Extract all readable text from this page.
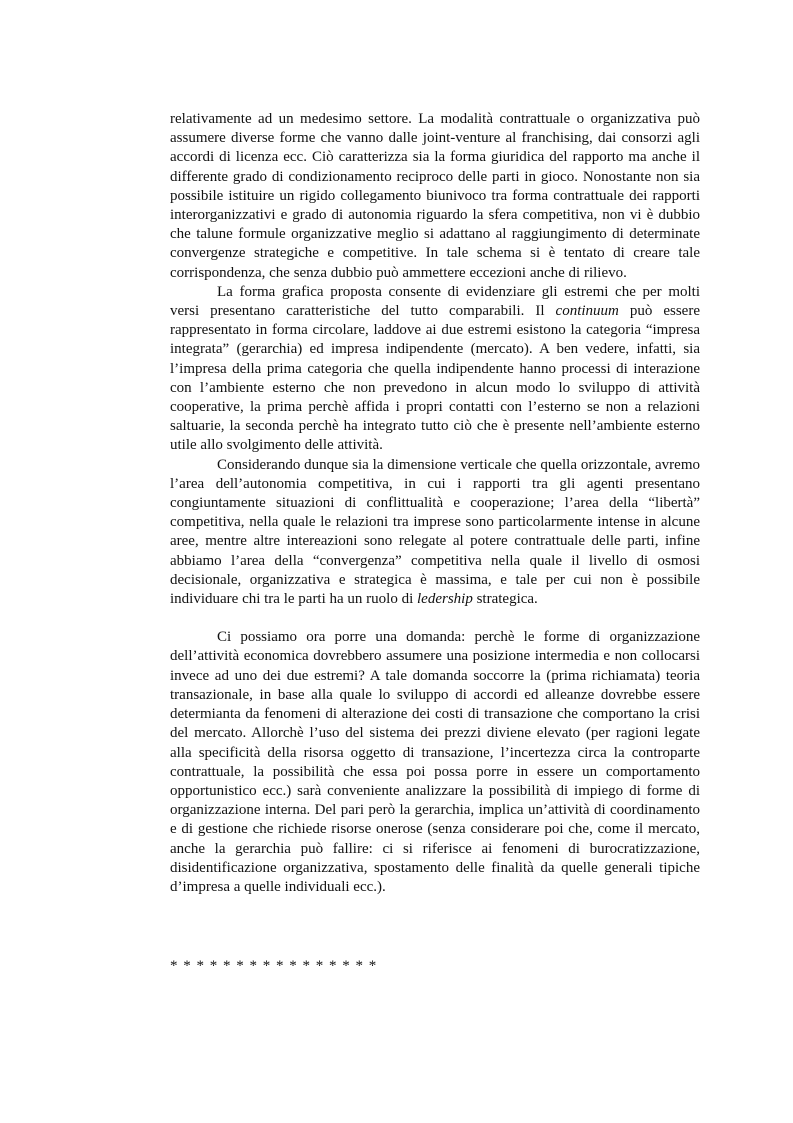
relativamente ad un medesimo settore. La modalità contrattuale o organizzativa può assumere diverse forme che vanno dalle joint-venture al franchising, dai consorzi agli accordi di licenza ecc. Ciò caratterizza sia la forma giuridica del rapporto ma anche il differente grado di condizionamento reciproco delle parti in gioco. Nonostante non sia possibile istituire un rigido collegamento biunivoco tra forma contrattuale dei rapporti interorganizzativi e grado di autonomia riguardo la sfera competitiva, non vi è dubbio che talune formule organizzative meglio si adattano al raggiungimento di determinate convergenze strategiche e competitive. In tale schema si è tentato di creare tale corrispondenza, che senza dubbio può ammettere eccezioni anche di rilievo.

La forma grafica proposta consente di evidenziare gli estremi che per molti versi presentano caratteristiche del tutto comparabili. Il continuum può essere rappresentato in forma circolare, laddove ai due estremi esistono la categoria “impresa integrata” (gerarchia) ed impresa indipendente (mercato). A ben vedere, infatti, sia l’impresa della prima categoria che quella indipendente hanno processi di interazione con l’ambiente esterno che non prevedono in alcun modo lo sviluppo di attività cooperative, la prima perchè affida i propri contatti con l’esterno se non a relazioni saltuarie, la seconda perchè ha integrato tutto ciò che è presente nell’ambiente esterno utile allo svolgimento delle attività.

Considerando dunque sia la dimensione verticale che quella orizzontale, avremo l’area dell’autonomia competitiva, in cui i rapporti tra gli agenti presentano congiuntamente situazioni di conflittualità e cooperazione; l’area della “libertà” competitiva, nella quale le relazioni tra imprese sono particolarmente intense in alcune aree, mentre altre intereazioni sono relegate al potere contrattuale delle parti, infine abbiamo l’area della “convergenza” competitiva nella quale il livello di osmosi decisionale, organizzativa e strategica è massima, e tale per cui non è possibile individuare chi tra le parti ha un ruolo di ledership strategica.

Ci possiamo ora porre una domanda: perchè le forme di organizzazione dell’attività economica dovrebbero assumere una posizione intermedia e non collocarsi invece ad uno dei due estremi? A tale domanda soccorre la (prima richiamata) teoria transazionale, in base alla quale lo sviluppo di accordi ed alleanze dovrebbe essere determianta da fenomeni di alterazione dei costi di transazione che comportano la crisi del mercato. Allorchè l’uso del sistema dei prezzi diviene elevato (per ragioni legate alla specificità della risorsa oggetto di transazione, l’incertezza circa la controparte contrattuale, la possibilità che essa poi possa porre in essere un comportamento opportunistico ecc.) sarà conveniente analizzare la possibilità di impiego di forme di organizzazione interna. Del pari però la gerarchia, implica un’attività di coordinamento e di gestione che richiede risorse onerose (senza considerare poi che, come il mercato, anche la gerarchia può fallire: ci si riferisce ai fenomeni di burocratizzazione, disidentificazione organizzativa, spostamento delle finalità da quelle generali tipiche d’impresa a quelle individuali ecc.).

* * * * * * * * * * * * * * * *
